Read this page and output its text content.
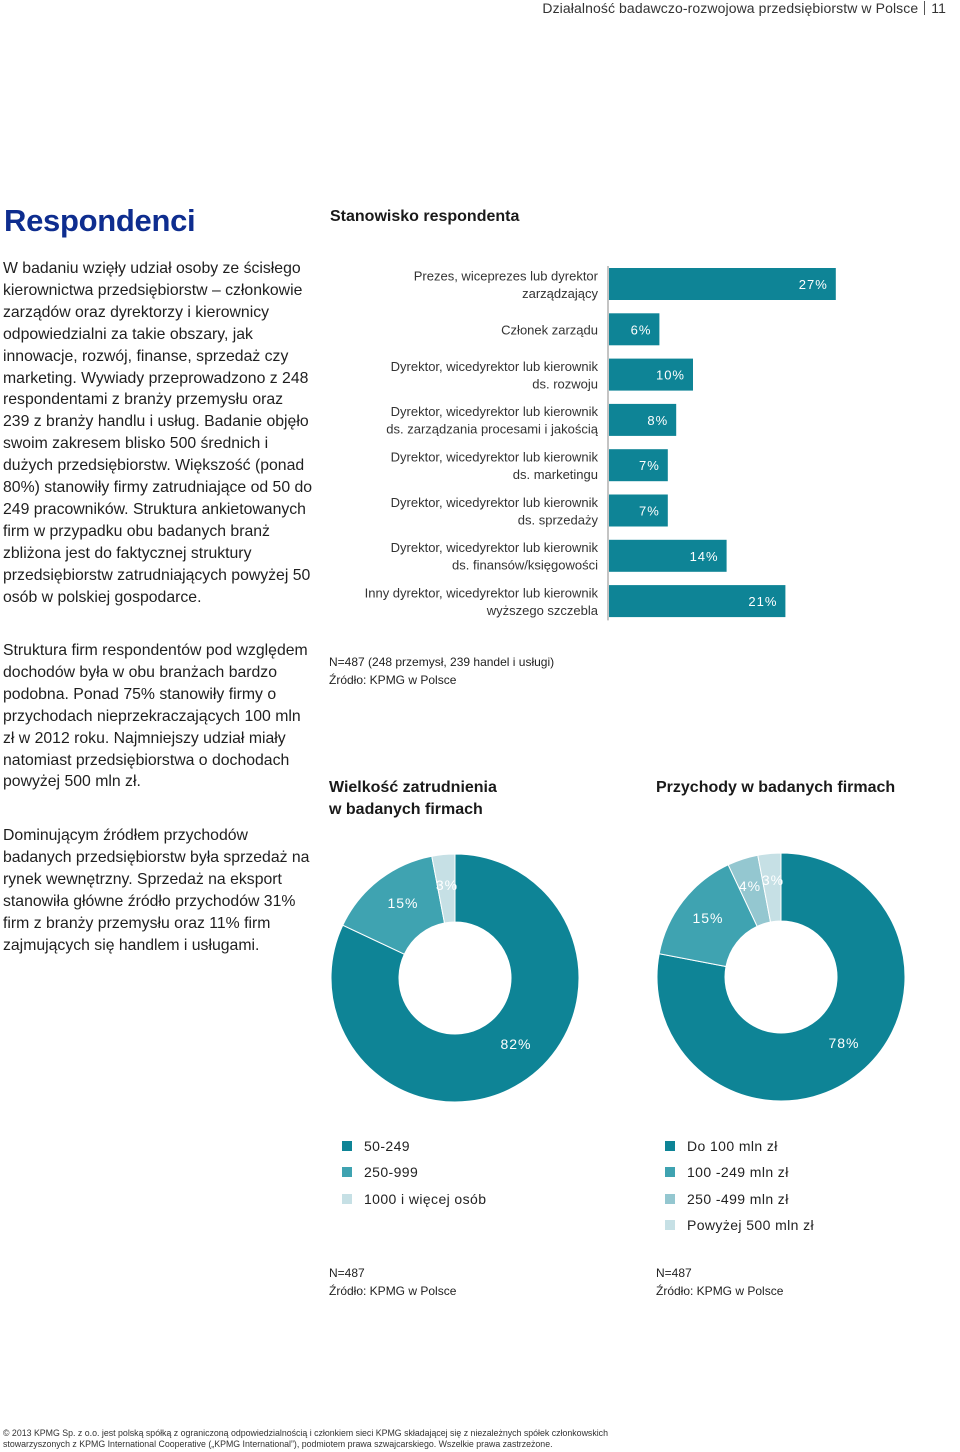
Działalność badawczo-rozwojowa przedsiębiorstw w Polsce 11
Respondenci
W badaniu wzięły udział osoby ze ścisłego kierownictwa przedsiębiorstw – członkowie zarządów oraz dyrektorzy i kierownicy odpowiedzialni za takie obszary, jak innowacje, rozwój, finanse, sprzedaż czy marketing. Wywiady przeprowadzono z 248 respondentami z branży przemysłu oraz 239 z branży handlu i usług. Badanie objęło swoim zakresem blisko 500 średnich i dużych przedsiębiorstw. Większość (ponad 80%) stanowiły firmy zatrudniające od 50 do 249 pracowników. Struktura ankietowanych firm w przypadku obu badanych branż zbliżona jest do faktycznej struktury przedsiębiorstw zatrudniających powyżej 50 osób w polskiej gospodarce.
Struktura firm respondentów pod względem dochodów była w obu branżach bardzo podobna. Ponad 75% stanowiły firmy o przychodach nieprzekraczających 100 mln zł w 2012 roku. Najmniejszy udział miały natomiast przedsiębiorstwa o dochodach powyżej 500 mln zł.
Dominującym źródłem przychodów badanych przedsiębiorstw była sprzedaż na rynek wewnętrzny. Sprzedaż na eksport stanowiła główne źródło przychodów 31% firm z branży przemysłu oraz 11% firm zajmujących się handlem i usługami.
Stanowisko respondenta
27%
Prezes, wiceprezes lub dyrektor
zarządzający
6%
Członek zarządu
10%
Dyrektor, wicedyrektor lub kierownik
ds. rozwoju
8%
Dyrektor, wicedyrektor lub kierownik
ds. zarządzania procesami i jakością
7%
Dyrektor, wicedyrektor lub kierownik
ds. marketingu
7%
Dyrektor, wicedyrektor lub kierownik
ds. sprzedaży
14%
Dyrektor, wicedyrektor lub kierownik
ds. finansów/księgowości
21%
Inny dyrektor, wicedyrektor lub kierownik
wyższego szczebla
N=487 (248 przemysł, 239 handel i usługi)
Źródło: KPMG w Polsce
Wielkość zatrudnienia
w badanych firmach
82%
15%
3%
50-249
250-999
1000 i więcej osób
N=487
Źródło: KPMG w Polsce
Przychody w badanych firmach
78%
15%
4% 3%
Do 100 mln zł
100 -249 mln zł
250 -499 mln zł
Powyżej 500 mln zł
N=487
Źródło: KPMG w Polsce
© 2013 KPMG Sp. z o.o. jest polską spółką z ograniczoną odpowiedzialnością i członkiem sieci KPMG składającej się z niezależnych spółek członkowskich
stowarzyszonych z KPMG International Cooperative („KPMG International”), podmiotem prawa szwajcarskiego. Wszelkie prawa zastrzeżone.
